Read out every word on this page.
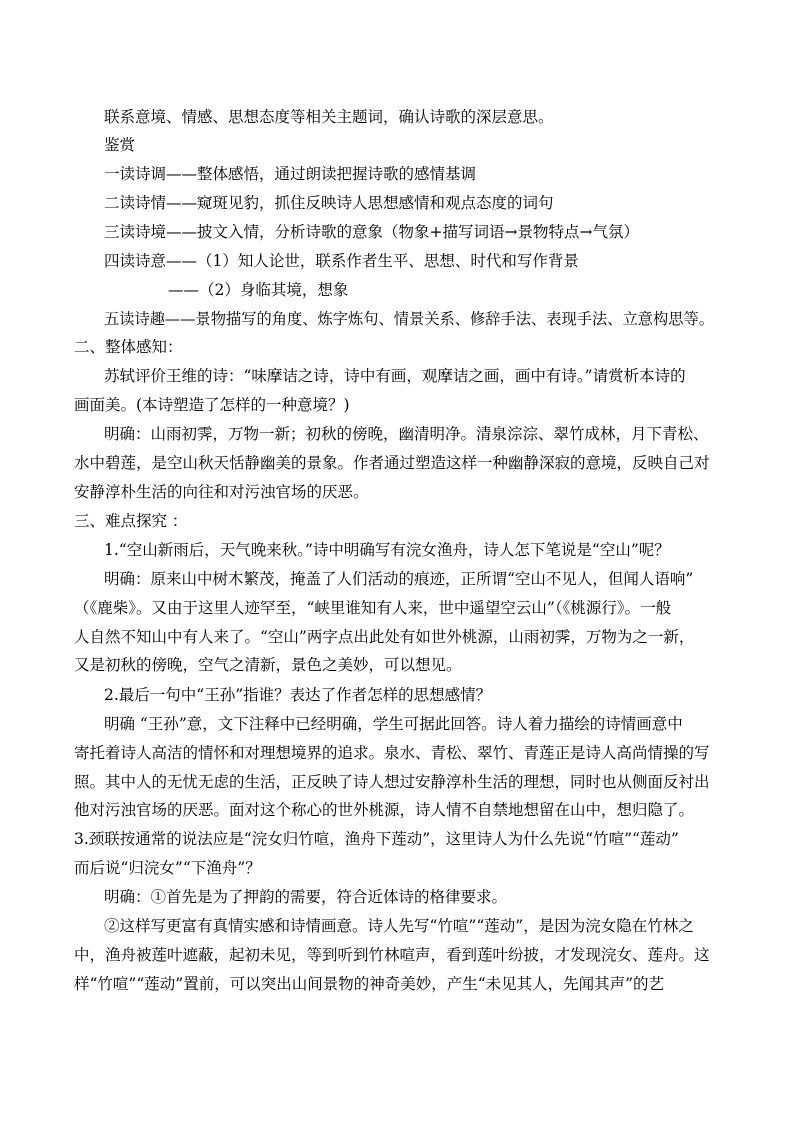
联系意境、情感、思想态度等相关主题词，确认诗歌的深层意思。

鉴赏

一读诗调——整体感悟，通过朗读把握诗歌的感情基调

二读诗情——窥斑见豹，抓住反映诗人思想感情和观点态度的词句

三读诗境——披文入情，分析诗歌的意象（物象+描写词语→景物特点→气氛）

四读诗意——（1）知人论世，联系作者生平、思想、时代和写作背景

——（2）身临其境，想象

五读诗趣——景物描写的角度、炼字炼句、情景关系、修辞手法、表现手法、立意构思等。

二、整体感知：

苏轼评价王维的诗：“味摩诘之诗，诗中有画，观摩诘之画，画中有诗。”请赏析本诗的

画面美。(本诗塑造了怎样的一种意境？)

明确：山雨初霁，万物一新；初秋的傍晚，幽清明净。清泉淙淙、翠竹成林，月下青松、

水中碧莲，是空山秋天恬静幽美的景象。作者通过塑造这样一种幽静深寂的意境，反映自己对

安静淳朴生活的向往和对污浊官场的厌恶。

三、难点探究 ：

1.“空山新雨后，天气晚来秋。”诗中明确写有浣女渔舟，诗人怎下笔说是“空山”呢？

明确：原来山中树木繁茂，掩盖了人们活动的痕迹，正所谓“空山不见人，但闻人语响”

（《鹿柴》。又由于这里人迹罕至，“峡里谁知有人来，世中遥望空云山”（《桃源行》。一般

人自然不知山中有人来了。“空山”两字点出此处有如世外桃源，山雨初霁，万物为之一新，

又是初秋的傍晚，空气之清新，景色之美妙，可以想见。

2.最后一句中“王孙”指谁？表达了作者怎样的思想感情？

明确 “王孙”意，文下注释中已经明确，学生可据此回答。诗人着力描绘的诗情画意中

寄托着诗人高洁的情怀和对理想境界的追求。泉水、青松、翠竹、青莲正是诗人高尚情操的写

照。其中人的无忧无虑的生活，正反映了诗人想过安静淳朴生活的理想，同时也从侧面反衬出

他对污浊官场的厌恶。面对这个称心的世外桃源，诗人情不自禁地想留在山中，想归隐了。

3.颈联按通常的说法应是“浣女归竹喧，渔舟下莲动”，这里诗人为什么先说“竹喧”“莲动”

而后说“归浣女”“下渔舟”？

明确：①首先是为了押韵的需要，符合近体诗的格律要求。

②这样写更富有真情实感和诗情画意。诗人先写“竹喧”“莲动”，是因为浣女隐在竹林之

中，渔舟被莲叶遮蔽，起初未见，等到听到竹林喧声，看到莲叶纷披，才发现浣女、莲舟。这

样“竹喧”“莲动”置前，可以突出山间景物的神奇美妙，产生“未见其人，先闻其声”的艺
